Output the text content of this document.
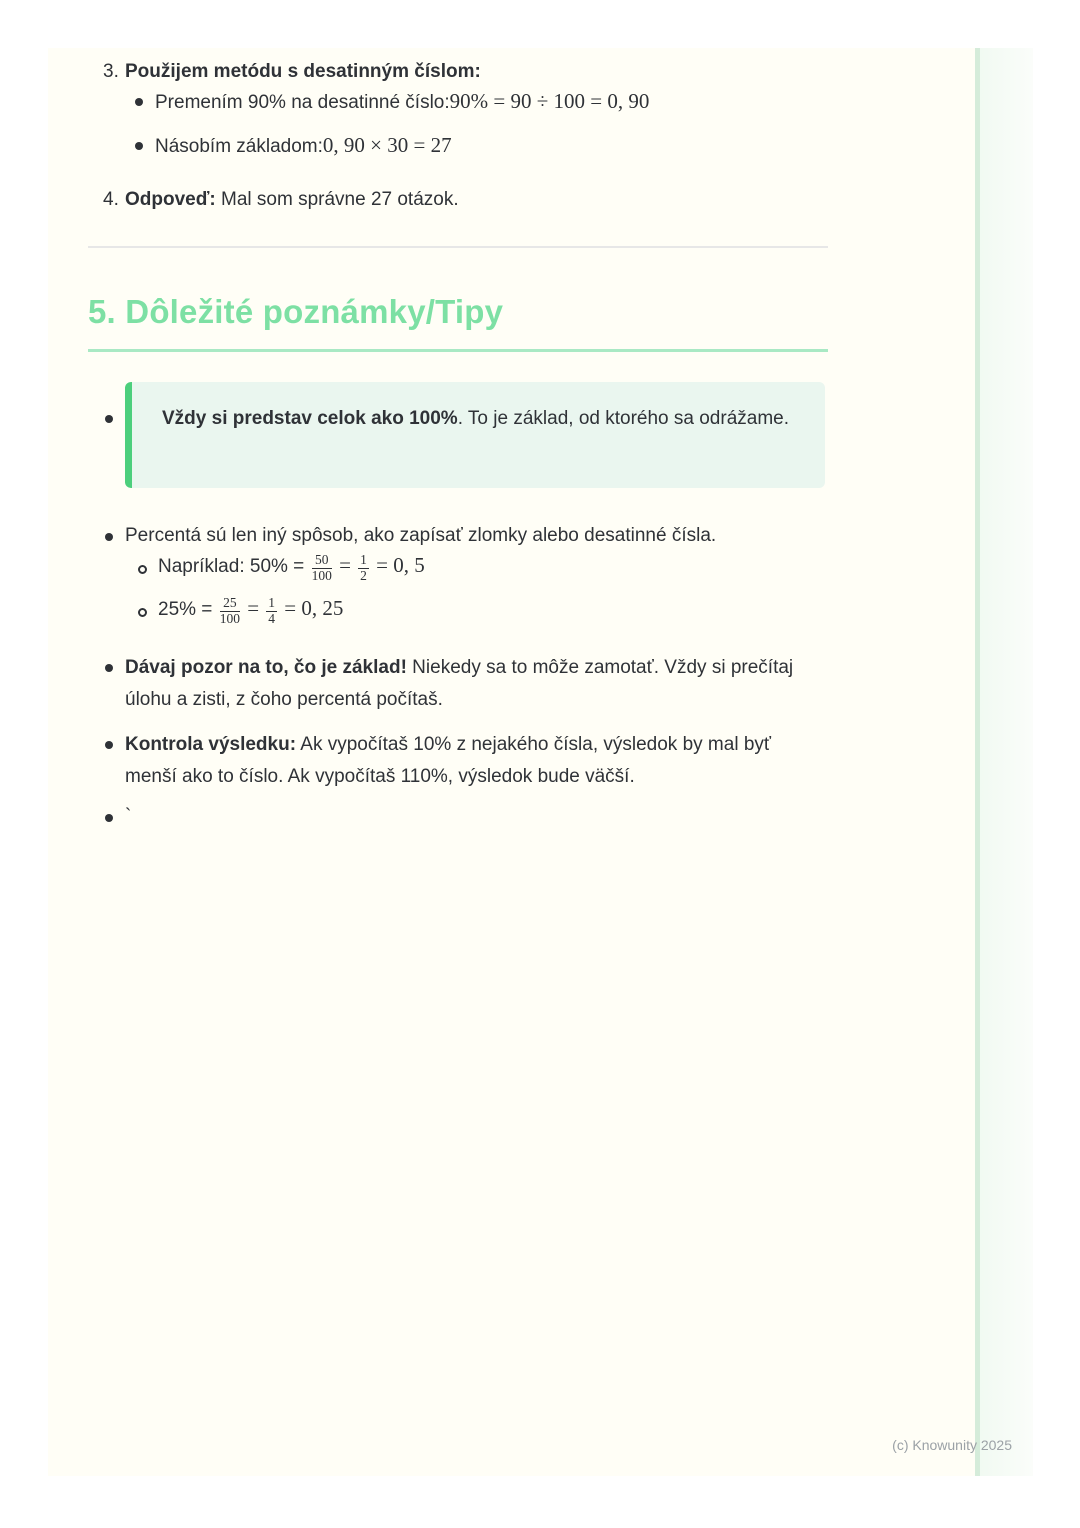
3. Použijem metódu s desatinným číslom:
Premením 90% na desatinné číslo:90% = 90 ÷ 100 = 0, 90
Násobím základom:0, 90 × 30 = 27
4. Odpoveď: Mal som správne 27 otázok.
5. Dôležité poznámky/Tipy
Vždy si predstav celok ako 100%. To je základ, od ktorého sa odrážame.
Percentá sú len iný spôsob, ako zapísať zlomky alebo desatinné čísla.
Napríklad: $50\% = \frac{50}{100} = \frac{1}{2} = 0$, 5
$25\% = \frac{25}{100} = \frac{1}{4} = 0$, 25
Dávaj pozor na to, čo je základ! Niekedy sa to môže zamotať. Vždy si prečítaj úlohu a zisti, z čoho percentá počítaš.
Kontrola výsledku: Ak vypočítaš 10% z nejakého čísla, výsledok by mal byť menší ako to číslo. Ak vypočítaš 110%, výsledok bude väčší.
`
(c) Knowunity 2025
